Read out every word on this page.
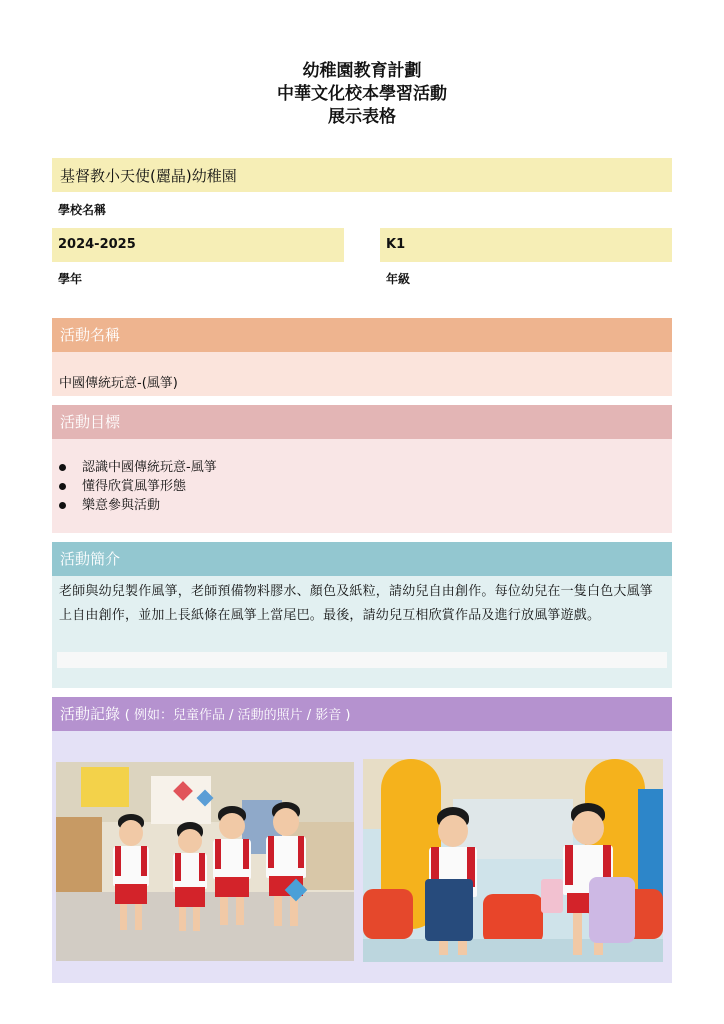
幼稚園教育計劃
中華文化校本學習活動
展示表格
基督教小天使(麗晶)幼稚園
學校名稱
2024-2025
學年
K1
年級
活動名稱
中國傳統玩意-(風箏)
活動目標
認識中國傳統玩意-風箏
懂得欣賞風箏形態
樂意參與活動
活動簡介
老師與幼兒製作風箏，老師預備物料膠水、顏色及紙粒，請幼兒自由創作。每位幼兒在一隻白色大風箏上自由創作，並加上長紙條在風箏上當尾巴。最後，請幼兒互相欣賞作品及進行放風箏遊戲。
活動記錄 ( 例如：兒童作品 / 活動的照片 / 影音 )
